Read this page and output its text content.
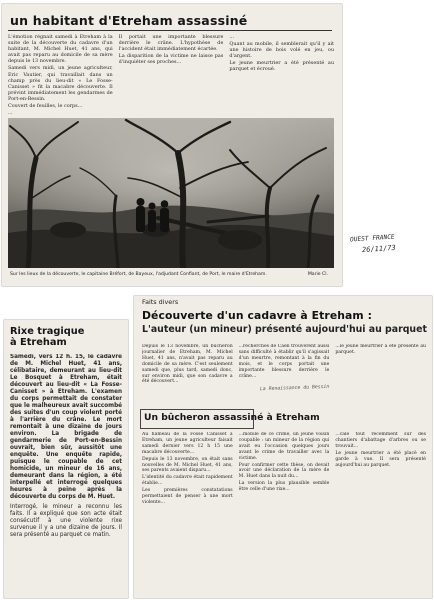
un habitant d'Etreham assassiné

L'émotion régnait samedi à Etreham à la suite de la découverte du cadavre d'un habitant, M. Michel Huet, 41 ans, qui avait pas reparu au domicile de sa mère depuis le 13 novembre.

Samedi vers midi, un jeune agriculteur, Eric Vautier, qui travaillait dans un champ près du lieu-dit « Le Fosse-Canisset » fit la macabre découverte. Il prévint immédiatement les gendarmes de Port-en-Bessin.

Couvert de feuilles, le corps...

...

Il portait une importante blessure derrière le crâne. L'hypothèse de l'accident était immédiatement écartée.

La disparition de la victime ne laisse pas d'inquiéter ses proches...

...

Quant au mobile, il semblerait qu'il y ait une histoire de bois volé en jeu, ou d'argent.

Le jeune meurtrier a été présenté au parquet et écroué.

Sur les lieux de la découverte, le capitaine Bréfort, de Bayeux, l'adjudant Confiant, de Port, le maire d'Etreham.	Marie Cl.
OUEST FRANCE
26/11/73
Rixe tragique
à Etreham

Samedi, vers 12 h. 15, le cadavre de M. Michel Huet, 41 ans, célibataire, demeurant au lieu-dit Le Bosquet à Etreham, était découvert au lieu-dit « La Fosse-Canisset » à Etreham. L'examen du corps permettait de constater que le malheureux avait succombé des suites d'un coup violent porté à l'arrière du crâne. Le mort remontait à une dizaine de jours environ. La brigade de gendarmerie de Port-en-Bessin ouvrait, bien sûr, aussitôt une enquête. Une enquête rapide, puisque le coupable de cet homicide, un mineur de 16 ans, demeurant dans la région, a été interpellé et interrogé quelques heures à peine après la découverte du corps de M. Huet.

Interrogé, le mineur a reconnu les faits. Il a expliqué que son acte était consécutif à une violente rixe survenue il y a une dizaine de jours. Il sera présenté au parquet ce matin.

Faits divers
Découverte d'un cadavre à Etreham :
L'auteur (un mineur) présenté aujourd'hui au parquet

Depuis le 13 novembre, un bûcheron journalier de Etreham, M. Michel Huet, 41 ans, n'avait pas reparu au domicile de sa mère. C'est seulement samedi que, plus tard, samedi donc, sur environ midi, que son cadavre a été découvert...

...recherches de Caen trouvèrent aussi sans difficulté à établir qu'il s'agissait d'un meurtre, remontant à la fin du mois, et le corps portait une importante blessure derrière le crâne...

...le jeune meurtrier a été présenté au parquet.

Un bûcheron assassiné à Etreham

Au hameau de la Fosse Canisset à Etreham, un jeune agriculteur faisait samedi dernier vers 12 h 15 une macabre découverte...

Depuis le 13 novembre, on était sans nouvelles de M. Michel Huet, 41 ans, ses parents avaient disparu...

L'identité du cadavre était rapidement établie...

Les premières constatations permettaient de penser à une mort violente...

...mobile de ce crime, un jeune voisin coupable : un mineur de la région qui avait eu l'occasion quelques jours avant le crime de travailler avec la victime.

Pour confirmer cette thèse, on devait avoir une déclaration de la mère de M. Huet dans la nuit du...

La version la plus plausible semble être celle d'une rixe...

...cale tout récemment sur des chantiers d'abattage d'arbres ou se trouvait...

Le jeune meurtrier a été placé en garde à vue. Il sera présenté aujourd'hui au parquet.

La Renaissance du Bessin
